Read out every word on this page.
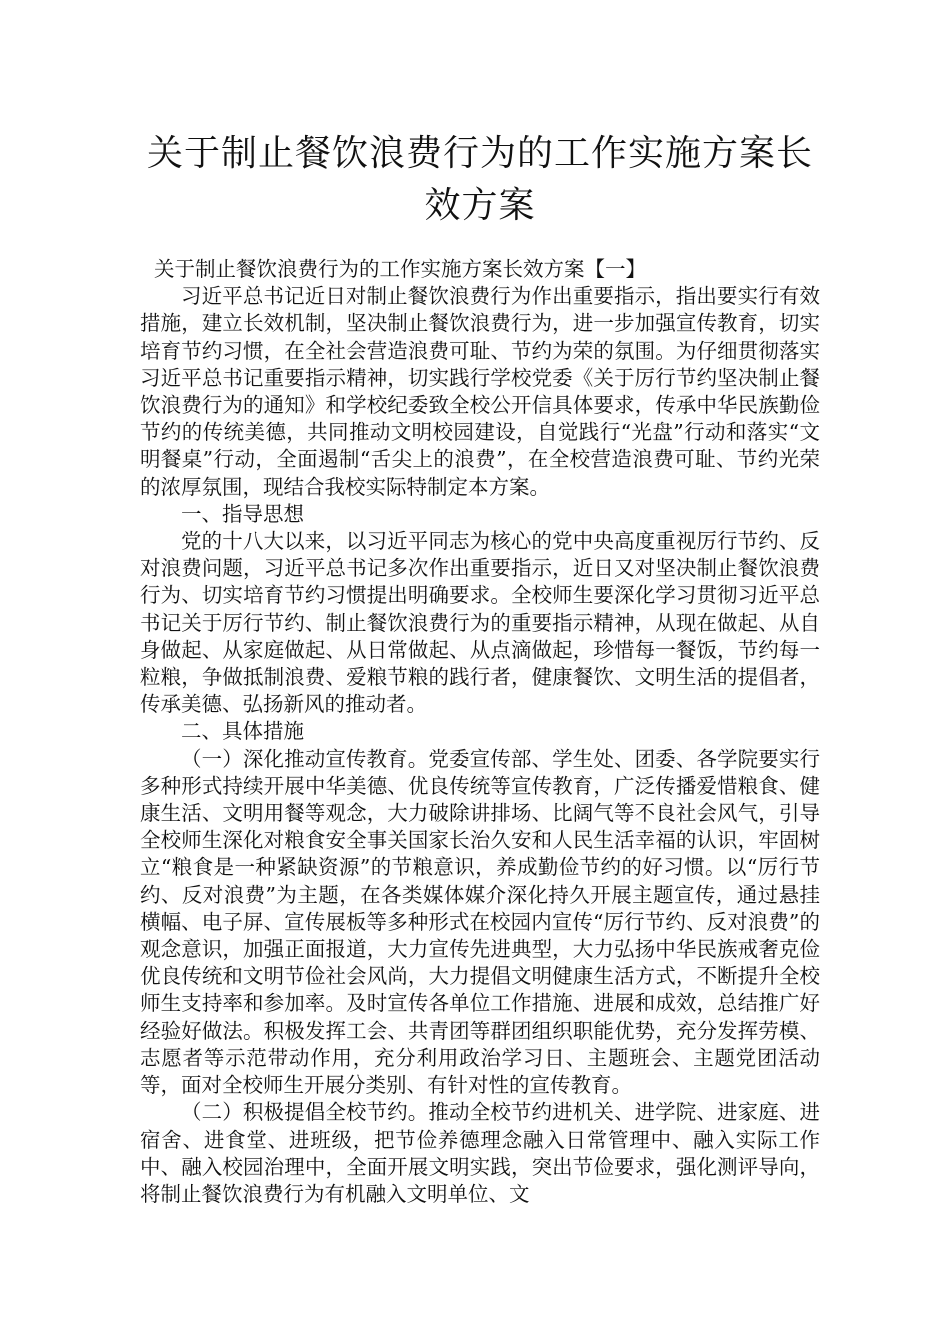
关于制止餐饮浪费行为的工作实施方案长效方案

关于制止餐饮浪费行为的工作实施方案长效方案【一】

习近平总书记近日对制止餐饮浪费行为作出重要指示，指出要实行有效措施，建立长效机制，坚决制止餐饮浪费行为，进一步加强宣传教育，切实培育节约习惯，在全社会营造浪费可耻、节约为荣的氛围。为仔细贯彻落实习近平总书记重要指示精神，切实践行学校党委《关于厉行节约坚决制止餐饮浪费行为的通知》和学校纪委致全校公开信具体要求，传承中华民族勤俭节约的传统美德，共同推动文明校园建设，自觉践行“光盘”行动和落实“文明餐桌”行动，全面遏制“舌尖上的浪费”，在全校营造浪费可耻、节约光荣的浓厚氛围，现结合我校实际特制定本方案。

一、指导思想

党的十八大以来，以习近平同志为核心的党中央高度重视厉行节约、反对浪费问题，习近平总书记多次作出重要指示，近日又对坚决制止餐饮浪费行为、切实培育节约习惯提出明确要求。全校师生要深化学习贯彻习近平总书记关于厉行节约、制止餐饮浪费行为的重要指示精神，从现在做起、从自身做起、从家庭做起、从日常做起、从点滴做起，珍惜每一餐饭，节约每一粒粮，争做抵制浪费、爱粮节粮的践行者，健康餐饮、文明生活的提倡者，传承美德、弘扬新风的推动者。

二、具体措施

（一）深化推动宣传教育。党委宣传部、学生处、团委、各学院要实行多种形式持续开展中华美德、优良传统等宣传教育，广泛传播爱惜粮食、健康生活、文明用餐等观念，大力破除讲排场、比阔气等不良社会风气，引导全校师生深化对粮食安全事关国家长治久安和人民生活幸福的认识，牢固树立“粮食是一种紧缺资源”的节粮意识，养成勤俭节约的好习惯。以“厉行节约、反对浪费”为主题，在各类媒体媒介深化持久开展主题宣传，通过悬挂横幅、电子屏、宣传展板等多种形式在校园内宣传“厉行节约、反对浪费”的观念意识，加强正面报道，大力宣传先进典型，大力弘扬中华民族戒奢克俭优良传统和文明节俭社会风尚，大力提倡文明健康生活方式，不断提升全校师生支持率和参加率。及时宣传各单位工作措施、进展和成效，总结推广好经验好做法。积极发挥工会、共青团等群团组织职能优势，充分发挥劳模、志愿者等示范带动作用，充分利用政治学习日、主题班会、主题党团活动等，面对全校师生开展分类别、有针对性的宣传教育。

（二）积极提倡全校节约。推动全校节约进机关、进学院、进家庭、进宿舍、进食堂、进班级，把节俭养德理念融入日常管理中、融入实际工作中、融入校园治理中，全面开展文明实践，突出节俭要求，强化测评导向，将制止餐饮浪费行为有机融入文明单位、文
